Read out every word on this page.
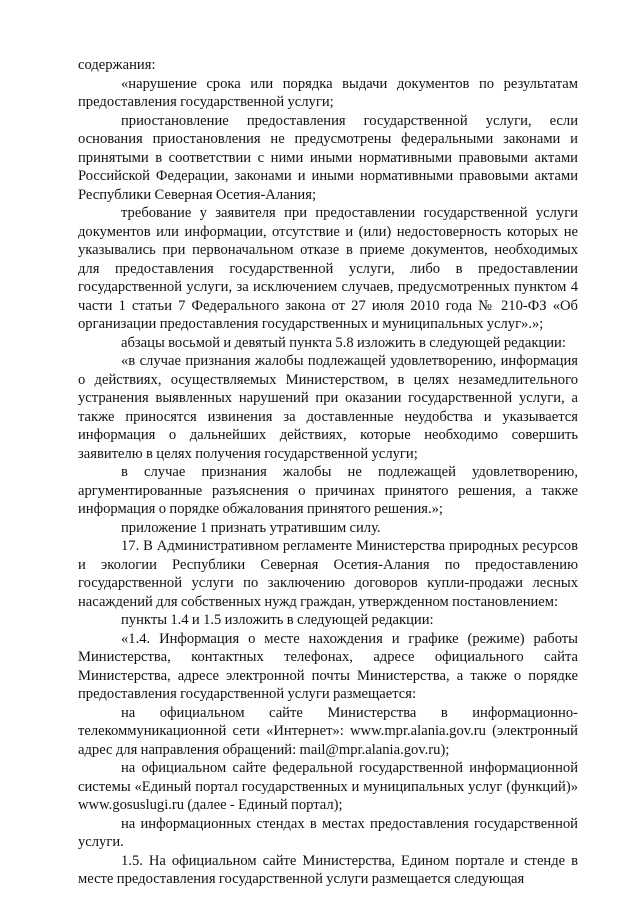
содержания:

«нарушение срока или порядка выдачи документов по результатам предоставления государственной услуги;

приостановление предоставления государственной услуги, если основания приостановления не предусмотрены федеральными законами и принятыми в соответствии с ними иными нормативными правовыми актами Российской Федерации, законами и иными нормативными правовыми актами Республики Северная Осетия-Алания;

требование у заявителя при предоставлении государственной услуги документов или информации, отсутствие и (или) недостоверность которых не указывались при первоначальном отказе в приеме документов, необходимых для предоставления государственной услуги, либо в предоставлении государственной услуги, за исключением случаев, предусмотренных пунктом 4 части 1 статьи 7 Федерального закона от 27 июля 2010 года № 210-ФЗ «Об организации предоставления государственных и муниципальных услуг».»;

абзацы восьмой и девятый пункта 5.8 изложить в следующей редакции:

«в случае признания жалобы подлежащей удовлетворению, информация о действиях, осуществляемых Министерством, в целях незамедлительного устранения выявленных нарушений при оказании государственной услуги, а также приносятся извинения за доставленные неудобства и указывается информация о дальнейших действиях, которые необходимо совершить заявителю в целях получения государственной услуги;

в случае признания жалобы не подлежащей удовлетворению, аргументированные разъяснения о причинах принятого решения, а также информация о порядке обжалования принятого решения.»;

приложение 1 признать утратившим силу.

17. В Административном регламенте Министерства природных ресурсов и экологии Республики Северная Осетия-Алания по предоставлению государственной услуги по заключению договоров купли-продажи лесных насаждений для собственных нужд граждан, утвержденном постановлением:

пункты 1.4 и 1.5 изложить в следующей редакции:

«1.4. Информация о месте нахождения и графике (режиме) работы Министерства, контактных телефонах, адресе официального сайта Министерства, адресе электронной почты Министерства, а также о порядке предоставления государственной услуги размещается:

на официальном сайте Министерства в информационно-телекоммуникационной сети «Интернет»: www.mpr.alania.gov.ru (электронный адрес для направления обращений: mail@mpr.alania.gov.ru);

на официальном сайте федеральной государственной информационной системы «Единый портал государственных и муниципальных услуг (функций)» www.gosuslugi.ru (далее - Единый портал);

на информационных стендах в местах предоставления государственной услуги.

1.5. На официальном сайте Министерства, Едином портале и стенде в месте предоставления государственной услуги размещается следующая
